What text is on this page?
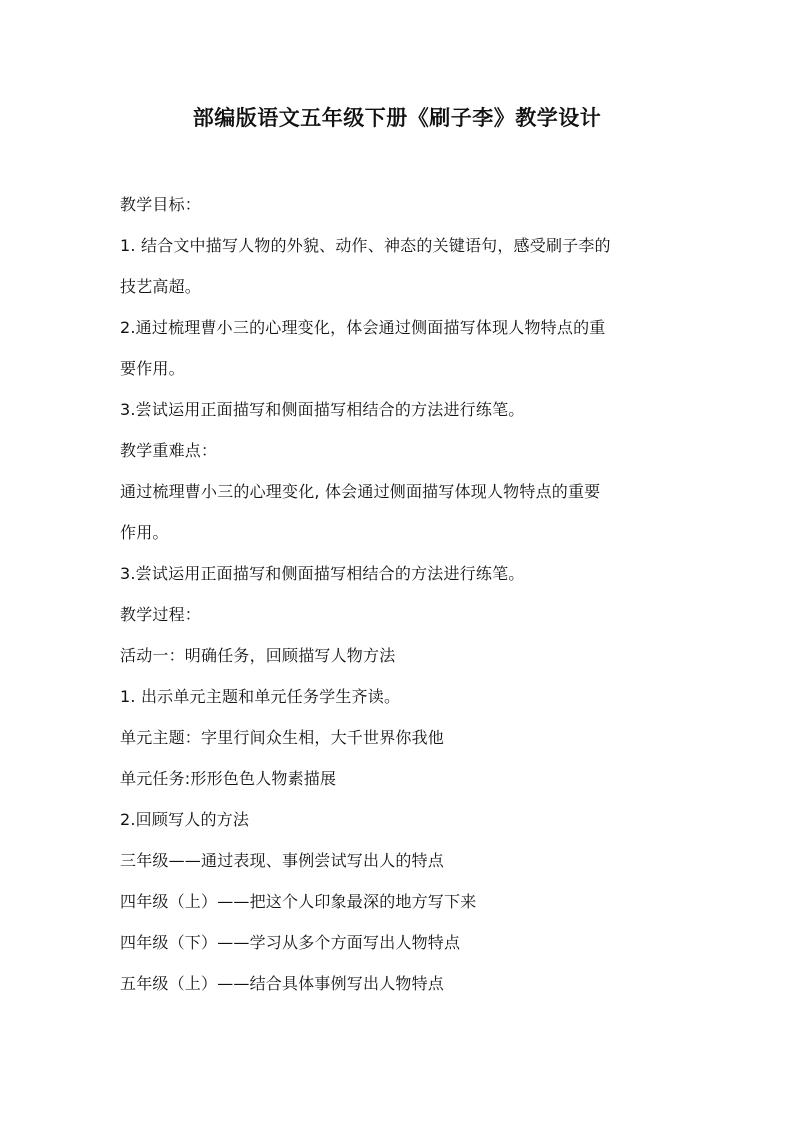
部编版语文五年级下册《刷子李》教学设计

教学目标：

1. 结合文中描写人物的外貌、动作、神态的关键语句，感受刷子李的

技艺高超。

2.通过梳理曹小三的心理变化，体会通过侧面描写体现人物特点的重

要作用。

3.尝试运用正面描写和侧面描写相结合的方法进行练笔。

教学重难点：

通过梳理曹小三的心理变化, 体会通过侧面描写体现人物特点的重要

作用。

3.尝试运用正面描写和侧面描写相结合的方法进行练笔。

教学过程：

活动一：明确任务，回顾描写人物方法

1. 出示单元主题和单元任务学生齐读。

单元主题：字里行间众生相，大千世界你我他

单元任务:形形色色人物素描展

2.回顾写人的方法

三年级——通过表现、事例尝试写出人的特点

四年级（上）——把这个人印象最深的地方写下来

四年级（下）——学习从多个方面写出人物特点

五年级（上）——结合具体事例写出人物特点
